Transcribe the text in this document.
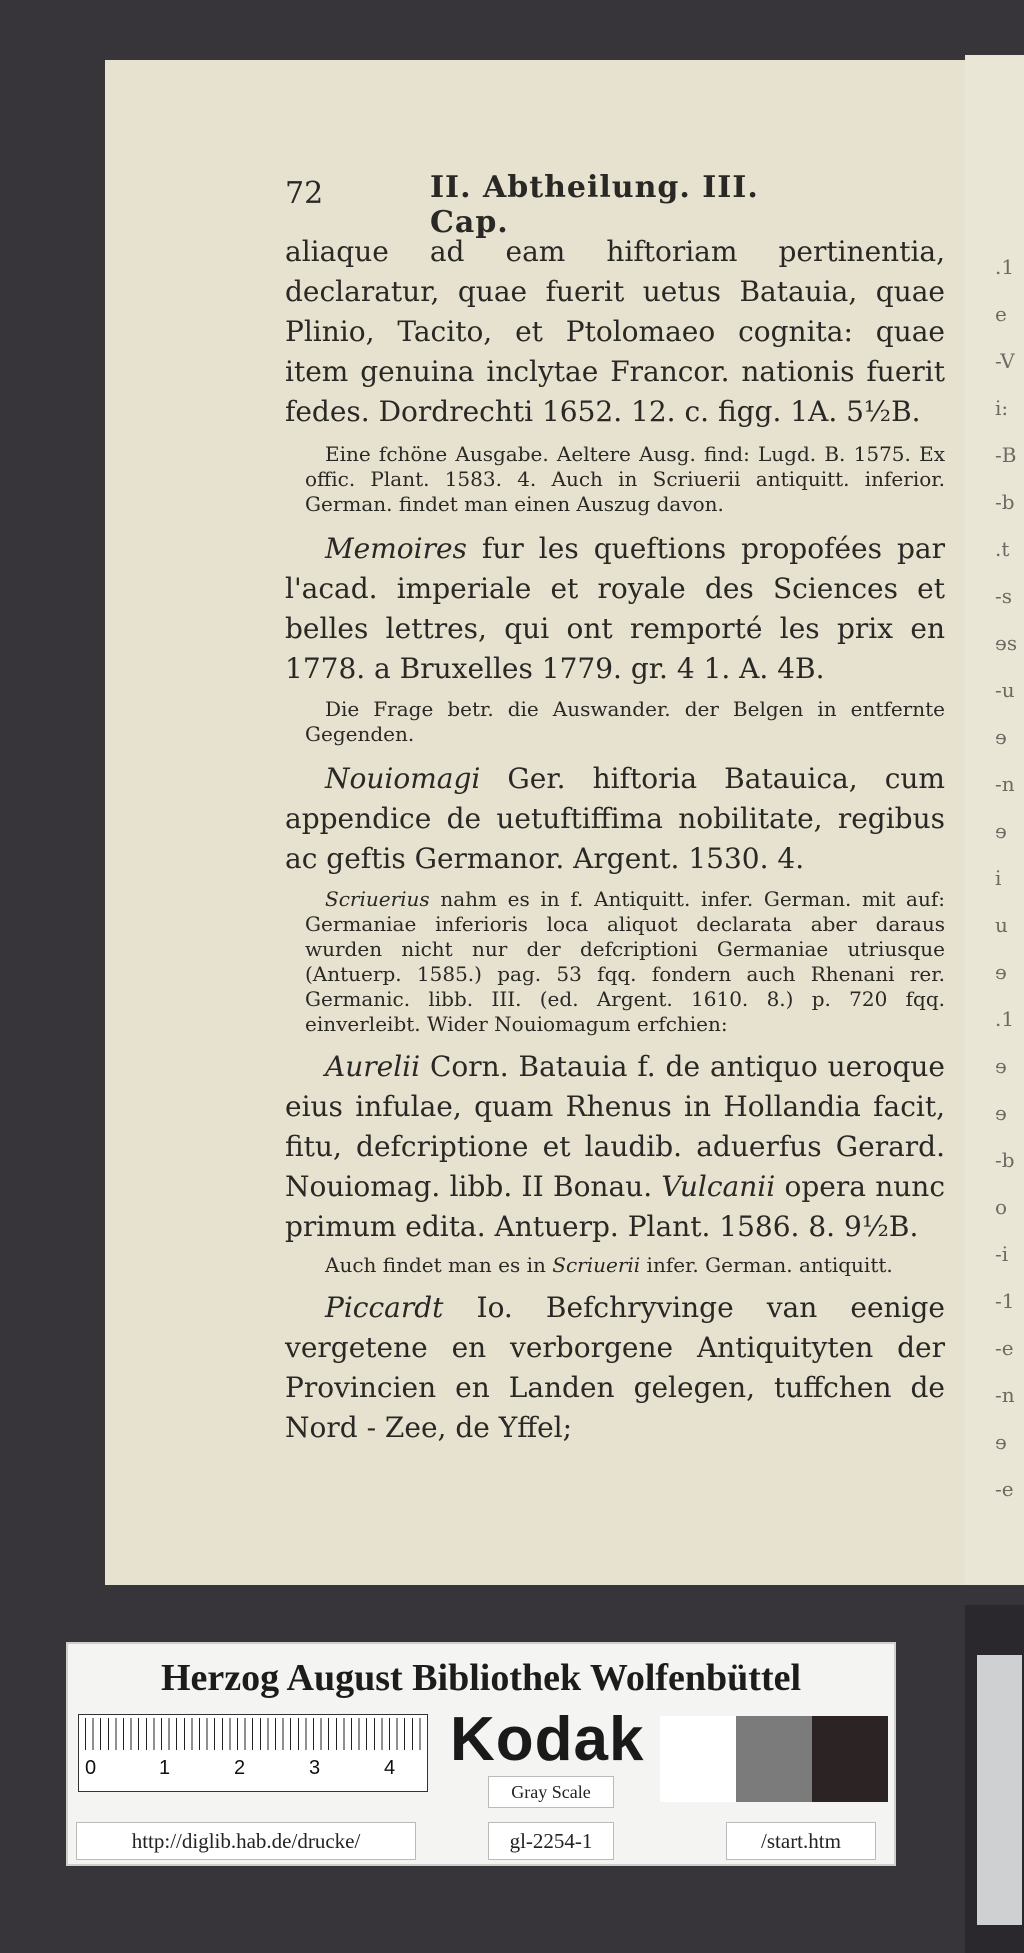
.1
e
-V
i:
-B
-b
.t
-s
ɘs
-u
ɘ
-n
ɘ
i
u
ɘ
.1
ɘ
ɘ
-b
o
-i
-1
-e
-n
ɘ
-e
72	II. Abtheilung. III. Cap.

aliaque ad eam hiftoriam pertinentia, declaratur, quae fuerit uetus Batauia, quae Plinio, Tacito, et Ptolomaeo cognita: quae item genuina inclytae Francor. nationis fuerit fedes. Dordrechti 1652. 12. c. figg. 1A. 5½B.

Eine fchöne Ausgabe. Aeltere Ausg. find: Lugd. B. 1575. Ex offic. Plant. 1583. 4. Auch in Scriuerii antiquitt. inferior. German. findet man einen Auszug davon.

Memoires fur les queftions propofées par l'acad. imperiale et royale des Sciences et belles lettres, qui ont remporté les prix en 1778. a Bruxelles 1779. gr. 4 1. A. 4B.

Die Frage betr. die Auswander. der Belgen in entfernte Gegenden.

Nouiomagi Ger. hiftoria Batauica, cum appendice de uetuftiffima nobilitate, regibus ac geftis Germanor. Argent. 1530. 4.

Scriuerius nahm es in f. Antiquitt. infer. German. mit auf: Germaniae inferioris loca aliquot declarata aber daraus wurden nicht nur der defcriptioni Germaniae utriusque (Antuerp. 1585.) pag. 53 fqq. fondern auch Rhenani rer. Germanic. libb. III. (ed. Argent. 1610. 8.) p. 720 fqq. einverleibt. Wider Nouiomagum erfchien:

Aurelii Corn. Batauia f. de antiquo ueroque eius infulae, quam Rhenus in Hollandia facit, fitu, defcriptione et laudib. aduerfus Gerard. Nouiomag. libb. II Bonau. Vulcanii opera nunc primum edita. Antuerp. Plant. 1586. 8. 9½B.

Auch findet man es in Scriuerii infer. German. antiquitt.

Piccardt Io. Befchryvinge van eenige vergetene en verborgene Antiquityten der Provincien en Landen gelegen, tuffchen de Nord - Zee, de Yffel;

Herzog August Bibliothek Wolfenbüttel
0	1	2	3	4 Kodak
Gray Scale
http://diglib.hab.de/drucke/	gl-2254-1	/start.htm
